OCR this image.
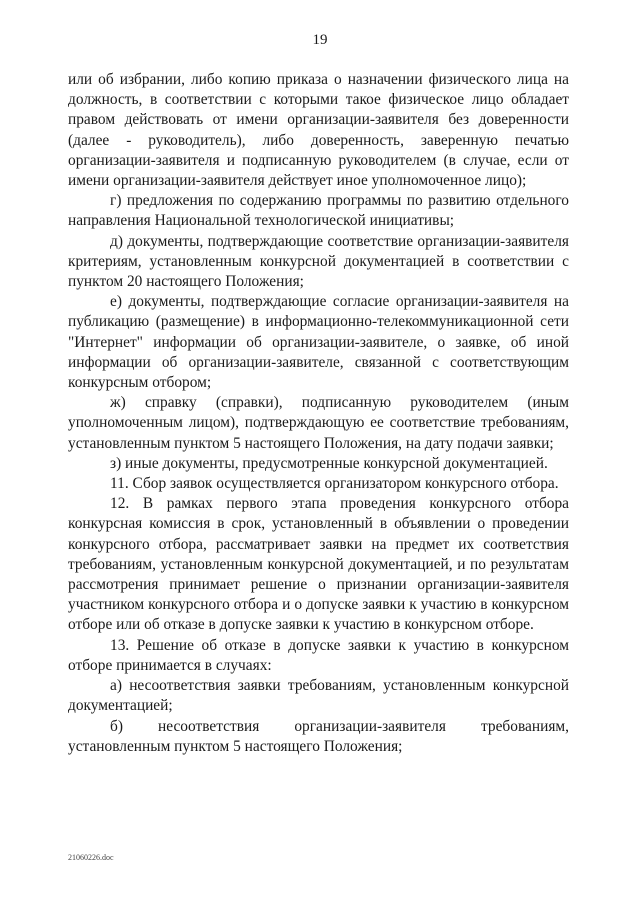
19

или об избрании, либо копию приказа о назначении физического лица на должность, в соответствии с которыми такое физическое лицо обладает правом действовать от имени организации-заявителя без доверенности (далее - руководитель), либо доверенность, заверенную печатью организации-заявителя и подписанную руководителем (в случае, если от имени организации-заявителя действует иное уполномоченное лицо);

г) предложения по содержанию программы по развитию отдельного направления Национальной технологической инициативы;

д) документы, подтверждающие соответствие организации-заявителя критериям, установленным конкурсной документацией в соответствии с пунктом 20 настоящего Положения;

е) документы, подтверждающие согласие организации-заявителя на публикацию (размещение) в информационно-телекоммуникационной сети "Интернет" информации об организации-заявителе, о заявке, об иной информации об организации-заявителе, связанной с соответствующим конкурсным отбором;

ж) справку (справки), подписанную руководителем (иным уполномоченным лицом), подтверждающую ее соответствие требованиям, установленным пунктом 5 настоящего Положения, на дату подачи заявки;

з) иные документы, предусмотренные конкурсной документацией.

11. Сбор заявок осуществляется организатором конкурсного отбора.

12. В рамках первого этапа проведения конкурсного отбора конкурсная комиссия в срок, установленный в объявлении о проведении конкурсного отбора, рассматривает заявки на предмет их соответствия требованиям, установленным конкурсной документацией, и по результатам рассмотрения принимает решение о признании организации-заявителя участником конкурсного отбора и о допуске заявки к участию в конкурсном отборе или об отказе в допуске заявки к участию в конкурсном отборе.

13. Решение об отказе в допуске заявки к участию в конкурсном отборе принимается в случаях:

а) несоответствия заявки требованиям, установленным конкурсной документацией;

б) несоответствия организации-заявителя требованиям, установленным пунктом 5 настоящего Положения;

21060226.doc
